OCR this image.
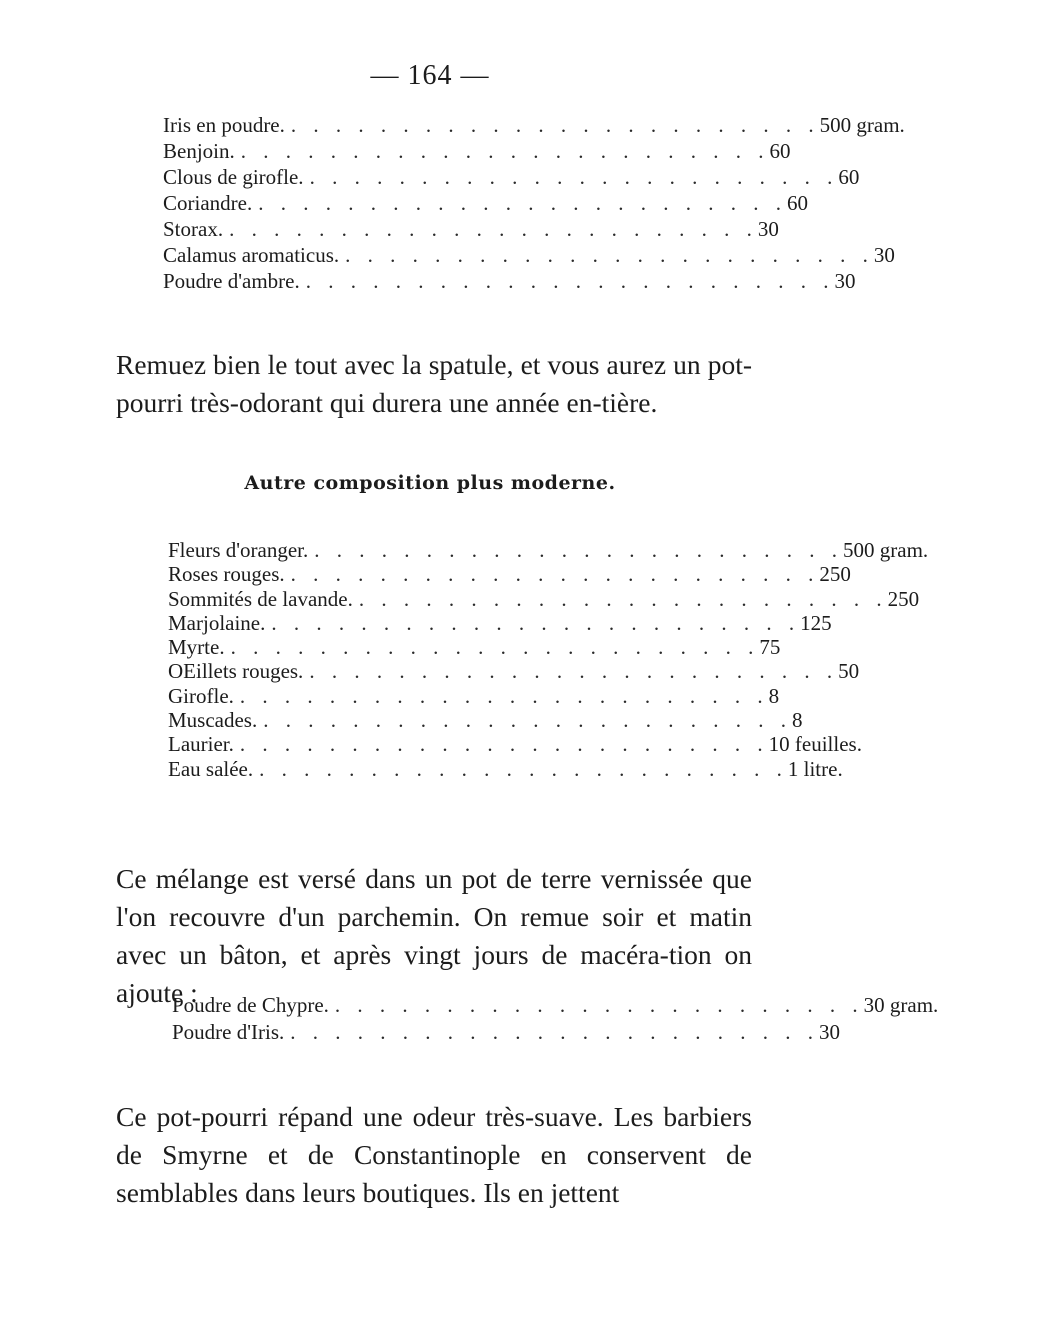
— 164 —
Iris en poudre. . . . . . . . . . . . . . . . . . . . . . . . . 500 gram.
Benjoin. . . . . . . . . . . . . . . . . . . . . . . . . 60
Clous de girofle. . . . . . . . . . . . . . . . . . . . . . . . . 60
Coriandre. . . . . . . . . . . . . . . . . . . . . . . . . 60
Storax. . . . . . . . . . . . . . . . . . . . . . . . . 30
Calamus aromaticus. . . . . . . . . . . . . . . . . . . . . . . . . 30
Poudre d'ambre. . . . . . . . . . . . . . . . . . . . . . . . . 30

Remuez bien le tout avec la spatule, et vous aurez un pot-pourri très-odorant qui durera une année en-tière.

Autre composition plus moderne.
Fleurs d'oranger. . . . . . . . . . . . . . . . . . . . . . . . . 500 gram.
Roses rouges. . . . . . . . . . . . . . . . . . . . . . . . . 250
Sommités de lavande. . . . . . . . . . . . . . . . . . . . . . . . . 250
Marjolaine. . . . . . . . . . . . . . . . . . . . . . . . . 125
Myrte. . . . . . . . . . . . . . . . . . . . . . . . . 75
OEillets rouges. . . . . . . . . . . . . . . . . . . . . . . . . 50
Girofle. . . . . . . . . . . . . . . . . . . . . . . . . 8
Muscades. . . . . . . . . . . . . . . . . . . . . . . . . 8
Laurier. . . . . . . . . . . . . . . . . . . . . . . . . 10 feuilles.
Eau salée. . . . . . . . . . . . . . . . . . . . . . . . . 1 litre.

Ce mélange est versé dans un pot de terre vernissée que l'on recouvre d'un parchemin. On remue soir et matin avec un bâton, et après vingt jours de macéra-tion on ajoute :

Poudre de Chypre. . . . . . . . . . . . . . . . . . . . . . . . . 30 gram.
Poudre d'Iris. . . . . . . . . . . . . . . . . . . . . . . . . 30

Ce pot-pourri répand une odeur très-suave. Les barbiers de Smyrne et de Constantinople en conservent de semblables dans leurs boutiques. Ils en jettent
